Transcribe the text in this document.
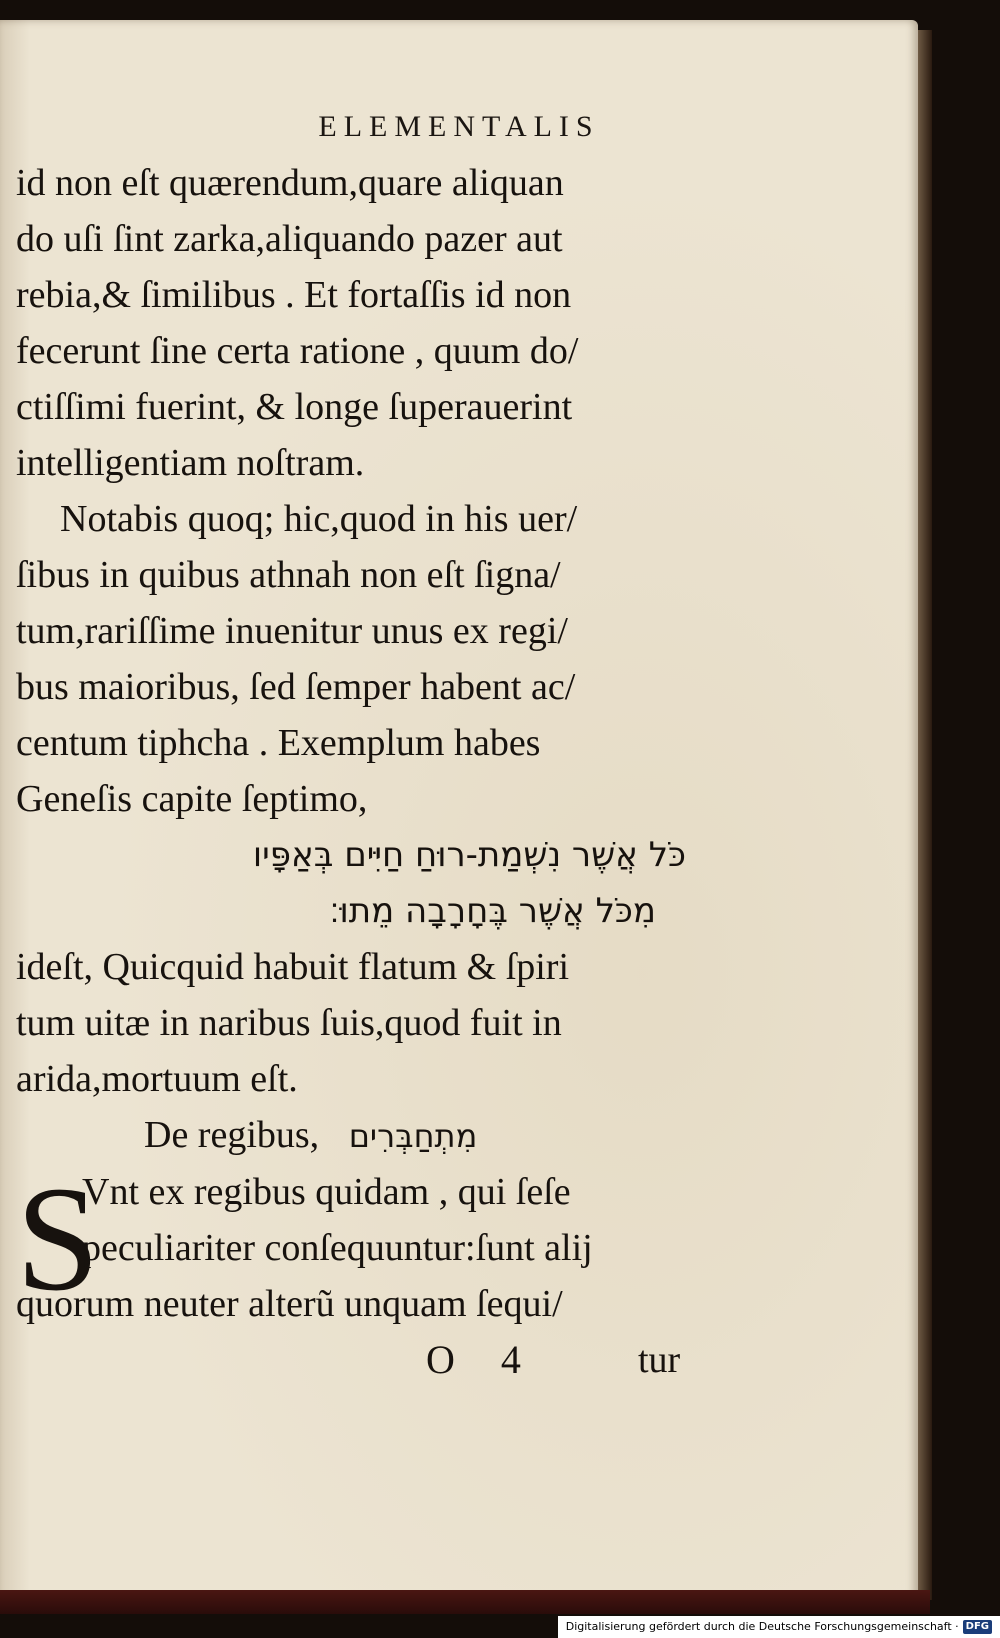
ELEMENTALIS
id non eſt quærendum,quare aliquan
do uſi ſint zarka,aliquando pazer aut
rebia,& ſimilibus . Et fortaſſis id non
fecerunt ſine certa ratione , quum do/
ctiſſimi fuerint, & longe ſuperauerint
intelligentiam noſtram.
Notabis quoq; hic,quod in his uer/
ſibus in quibus athnah non eſt ſigna/
tum,rariſſime inuenitur unus ex regi/
bus maioribus, ſed ſemper habent ac/
centum tiphcha . Exemplum habes
Geneſis capite ſeptimo,
כֹּל אֲשֶׁר נִשְׁמַת-רוּחַ חַיִּים בְּאַפָּיו
מִכֹּל אֲשֶׁר בֶּחָרָבָה מֵתוּ׃
ideſt, Quicquid habuit flatum & ſpiri
tum uitæ in naribus ſuis,quod fuit in
arida,mortuum eſt.
De regibus, מִתְחַבְּרִים
S
Vnt ex regibus quidam , qui ſeſe
peculiariter conſequuntur:ſunt alij
quorum neuter alterũ unquam ſequi/
O 4	tur
Digitalisierung gefördert durch die Deutsche Forschungsgemeinschaft · DFG
